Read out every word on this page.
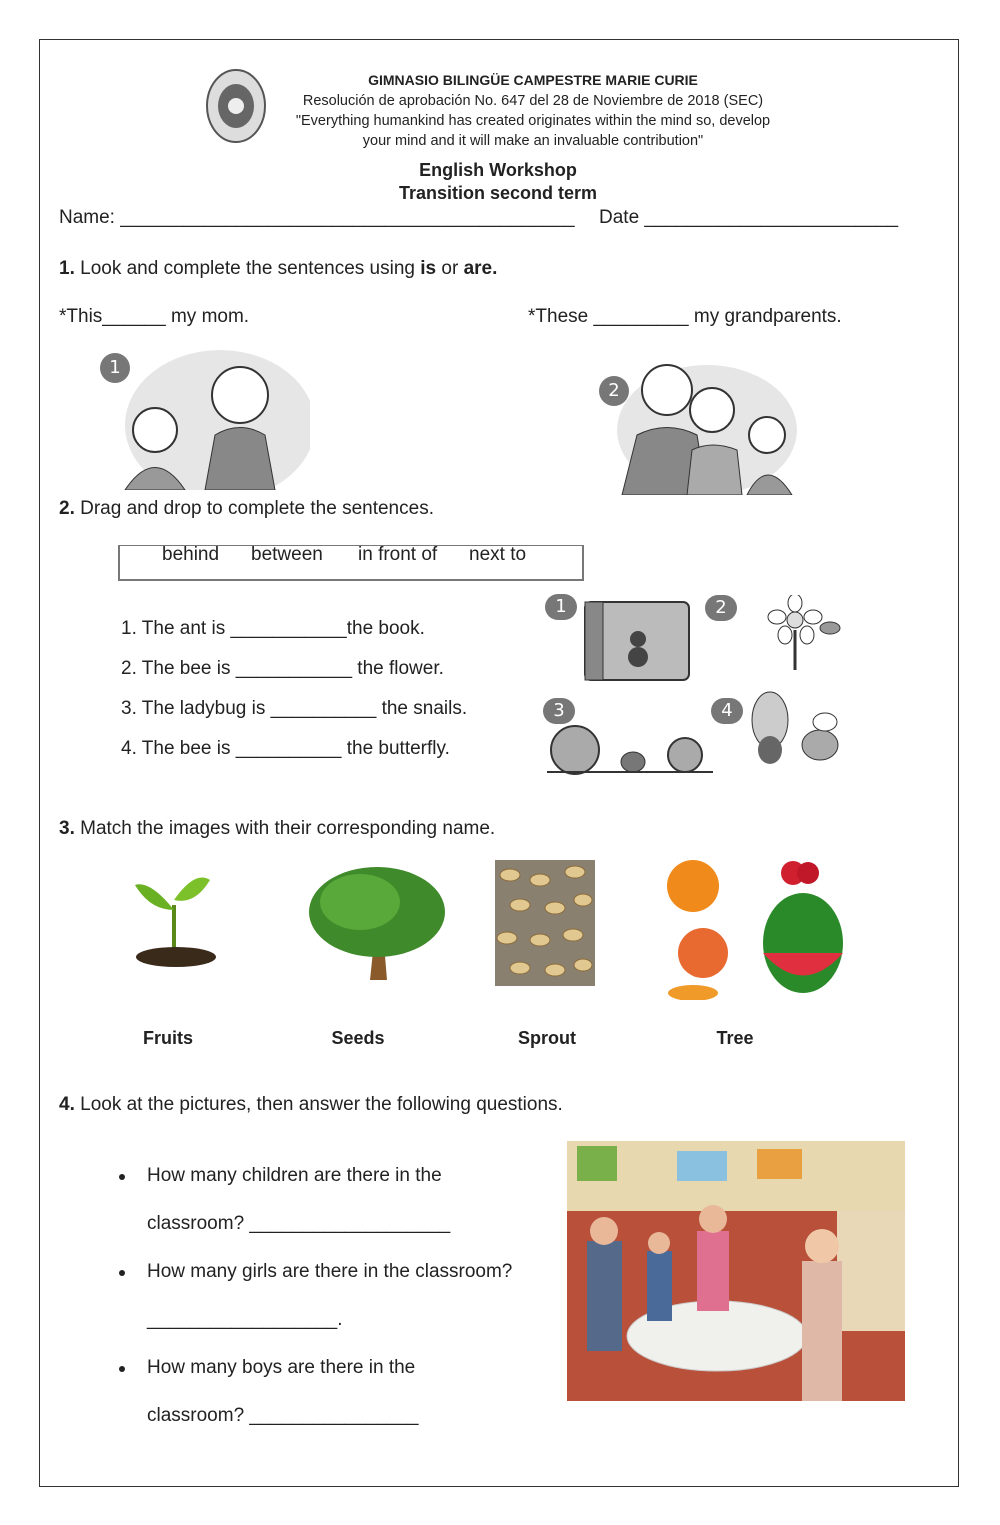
GIMNASIO BILINGÜE CAMPESTRE MARIE CURIE
Resolución de aprobación No. 647 del 28 de Noviembre de 2018 (SEC)
"Everything humankind has created originates within the mind so, develop
your mind and it will make an invaluable contribution"
English Workshop
Transition second term
Name: ___________________________________________ Date ________________________
1. Look and complete the sentences using is or are.
*This______ my mom.	*These _________ my grandparents.
1
2
2. Drag and drop to complete the sentences.
behind between in front of next to
1. The ant is ___________the book.
2. The bee is ___________ the flower.
3. The ladybug is __________ the snails.
4. The bee is __________ the butterfly.
1	2
3	4
3. Match the images with their corresponding name.
Fruits	Seeds	Sprout	Tree
4. Look at the pictures, then answer the following questions.
How many children are there in the
classroom? ___________________
How many girls are there in the classroom?
__________________.
How many boys are there in the
classroom? ________________
